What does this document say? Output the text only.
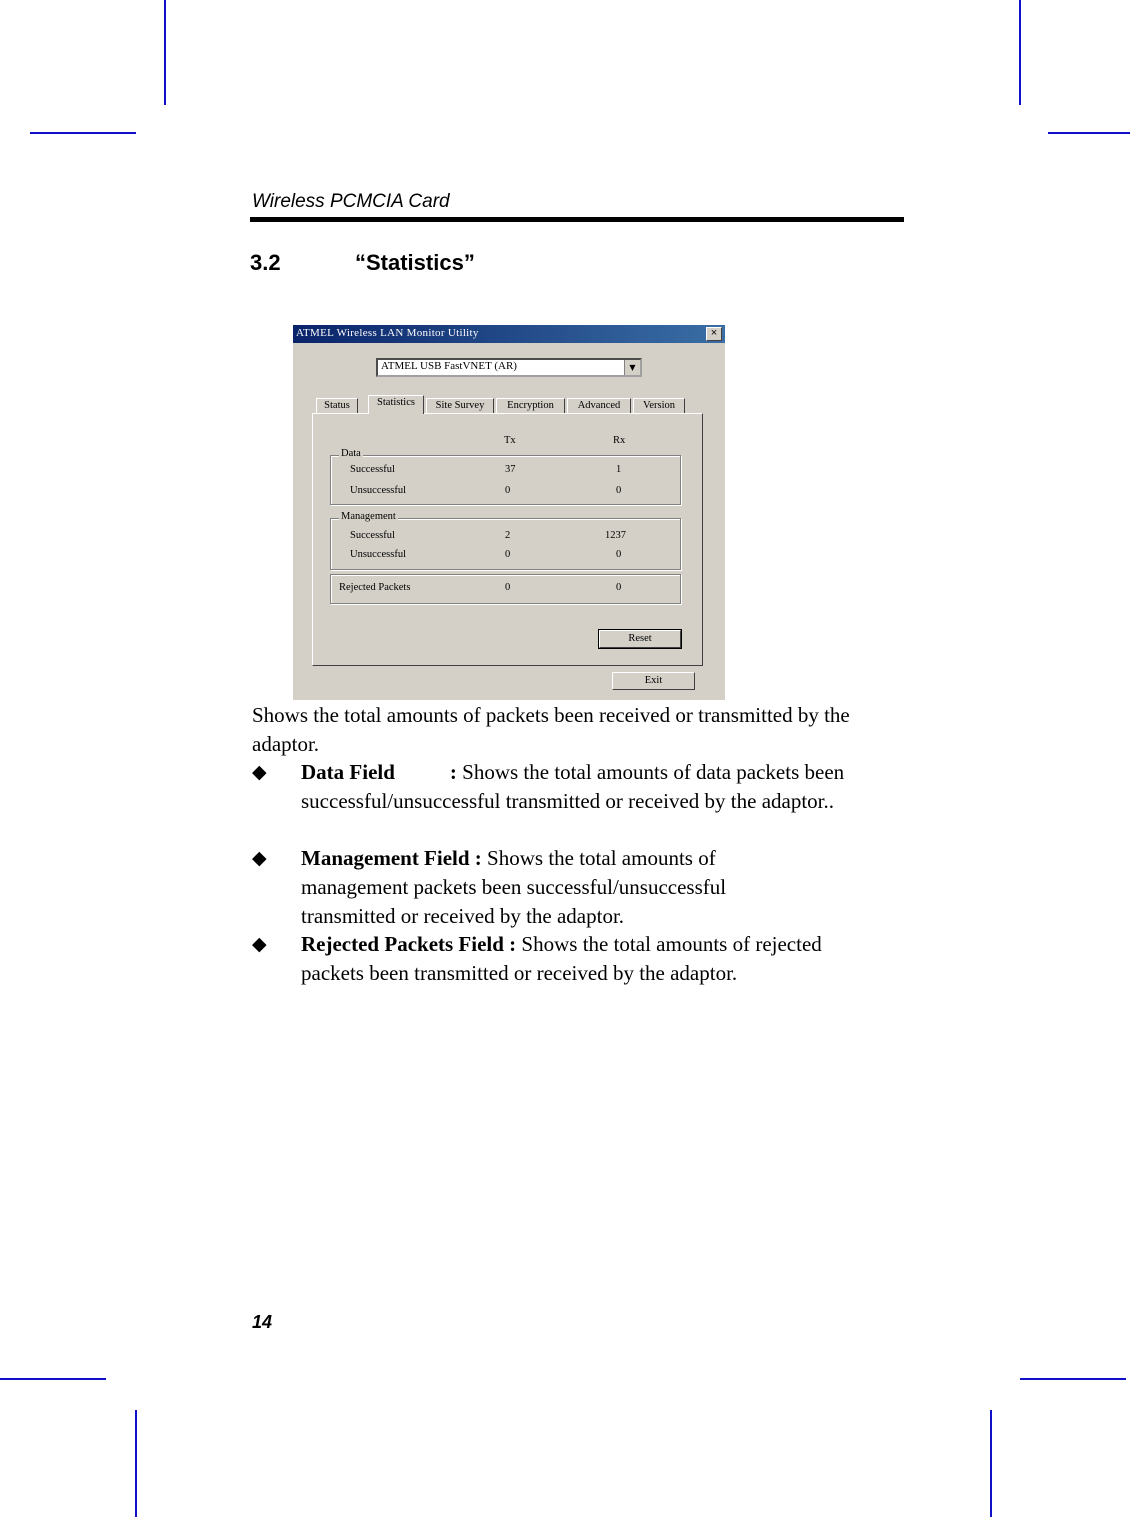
Wireless PCMCIA Card
3.2	“Statistics”
ATMEL Wireless LAN Monitor Utility	×
ATMEL USB FastVNET (AR)	▼
Status	Statistics	Site Survey	Encryption	Advanced	Version
Tx	Rx
Data
Successful	37	1
Unsuccessful	0	0
Management
Successful	2	1237
Unsuccessful	0	0
Rejected Packets	0	0
Reset
Exit
Shows the total amounts of packets been received or transmitted by the adaptor.
◆ Data Field	: Shows the total amounts of data packets been successful/unsuccessful transmitted or received by the adaptor..
◆ Management Field : Shows the total amounts of management packets been successful/unsuccessful transmitted or received by the adaptor.
◆ Rejected Packets Field : Shows the total amounts of rejected packets been transmitted or received by the adaptor.
14
